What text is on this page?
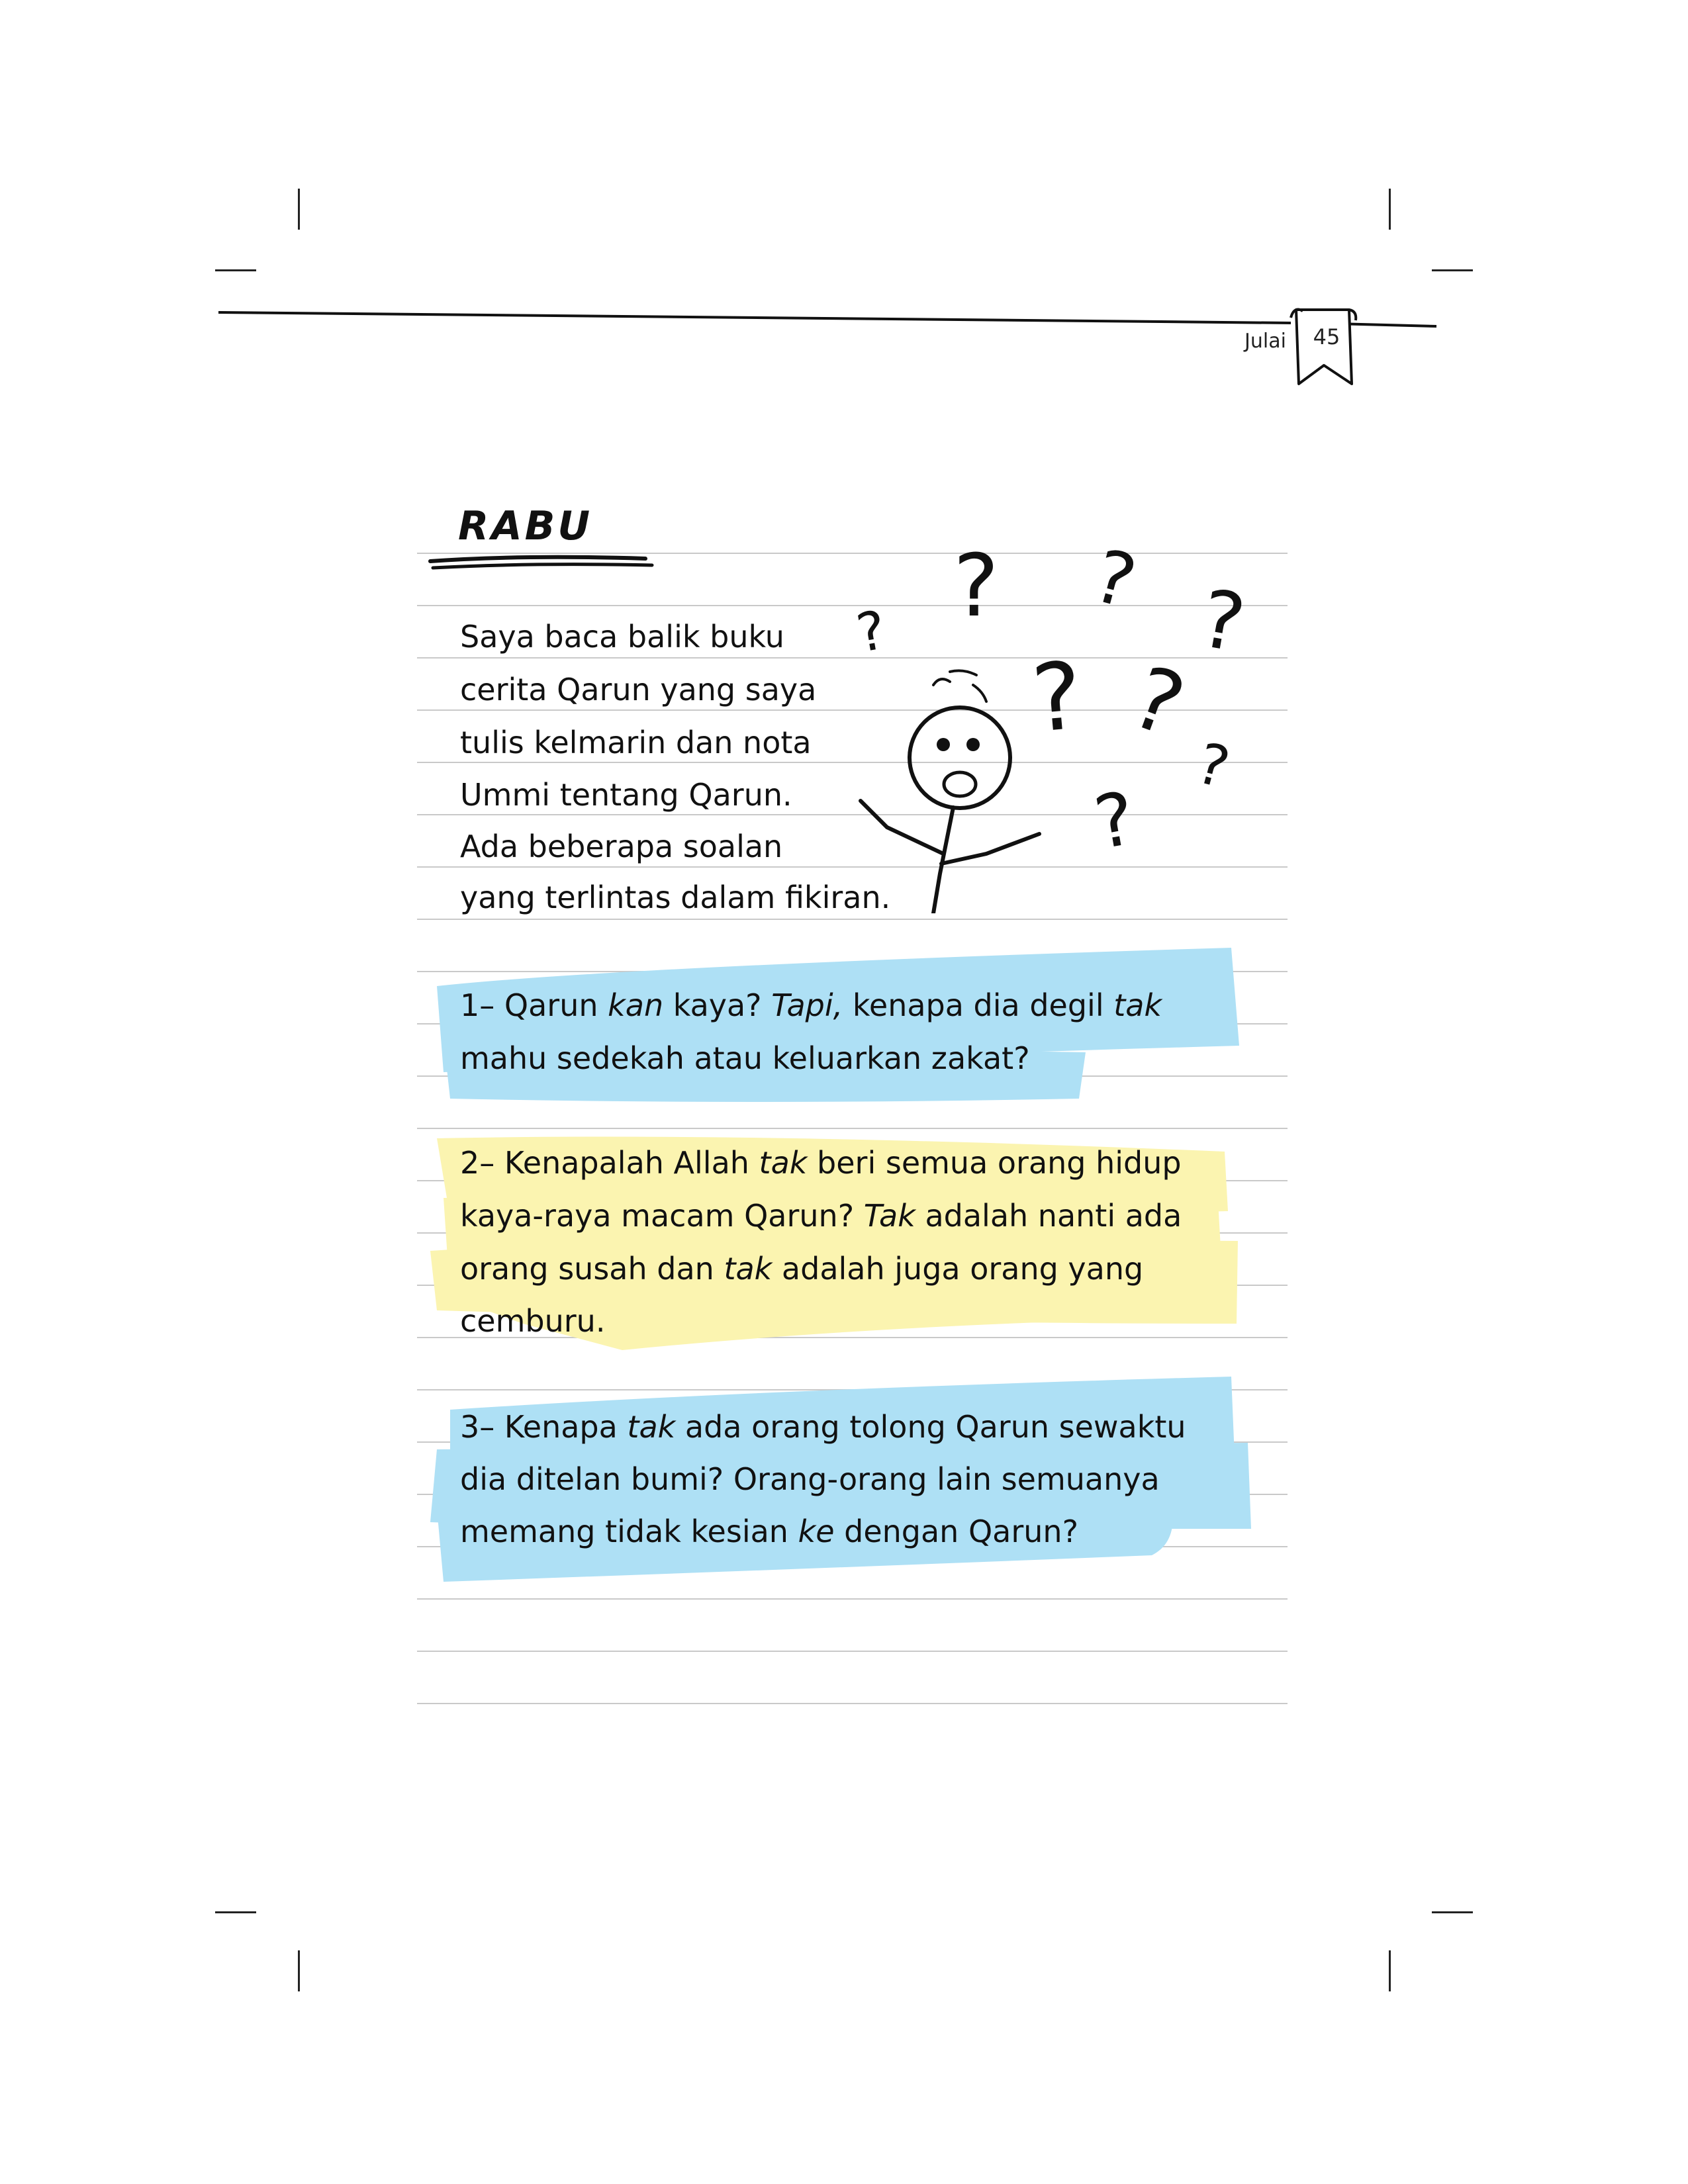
Julai 45
RABU
Saya baca balik buku
cerita Qarun yang saya
tulis kelmarin dan nota
Ummi tentang Qarun.
Ada beberapa soalan
yang terlintas dalam fikiran.
1– Qarun kan kaya? Tapi, kenapa dia degil tak
mahu sedekah atau keluarkan zakat?
2– Kenapalah Allah tak beri semua orang hidup
kaya-raya macam Qarun? Tak adalah nanti ada
orang susah dan tak adalah juga orang yang
cemburu.
3– Kenapa tak ada orang tolong Qarun sewaktu
dia ditelan bumi? Orang-orang lain semuanya
memang tidak kesian ke dengan Qarun?
? ? ? ?
? ?
?
?
